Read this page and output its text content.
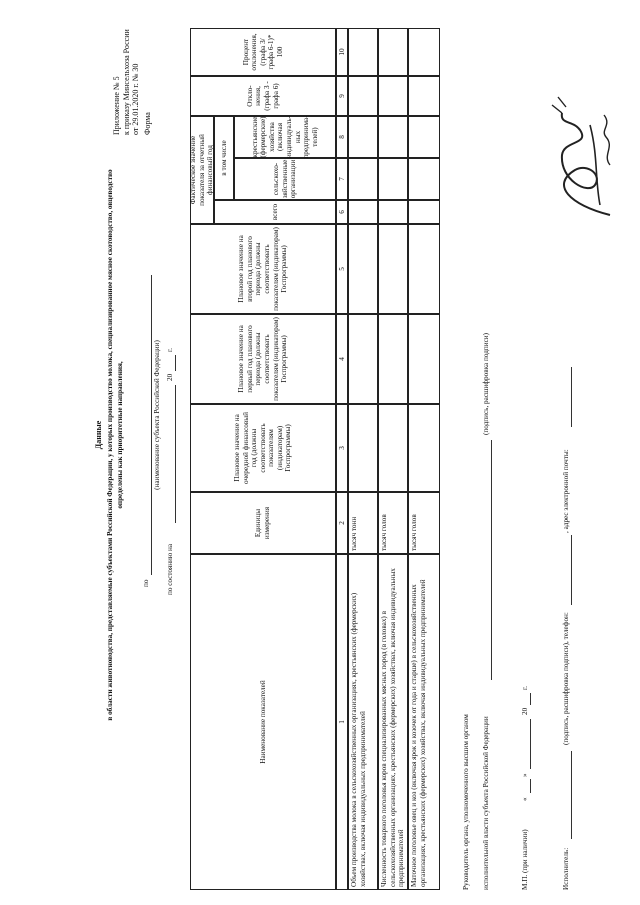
Приложение № 5 к приказу Минсельхоза России от 29.01.2020 г. № 30 Форма
Данные в области животноводства, представляемые субъектами Российской Федерации, у которых производство молока, специализированное мясное скотоводство, овцеводство определены как приоритетные направления,
по
(наименование субъекта Российской Федерации)
по состоянию на
20
г.
Наименование показателей
Единицы измерения
Плановое значение на очередной финансовый год (должны соответствовать показателям (индикаторам) Госпрограммы)
Плановое значение на первый год планового периода (должны соответствовать показателям (индикаторам) Госпрограммы)
Плановое значение на второй год планового периода (должны соответствовать показателям (индикаторам) Госпрограммы)
Фактическое значение показателя за отчетный финансовый год
всего
в том числе
сельскохо-зяйственные организации
крестьянские (фермерские) хозяйства (включая индивидуаль-ных предпринима-телей)
Откло-нения, (графа 3 - графа 6)
Процент отклонения, (графа 3/ графа 6-1)* 100
1
2
3
4
5
6
7
8
9
10
Объем производства молока в сельскохозяйственных организациях, крестьянских (фермерских) хозяйствах, включая индивидуальных предпринимателей
тысяч тонн
Численность товарного поголовья коров специализированных мясных пород (в головах) в сельскохозяйственных организациях, крестьянских (фермерских) хозяйствах, включая индивидуальных предпринимателей
тысяч голов
Маточное поголовье овец и коз (включая ярок и козочек от года и старше) в сельскохозяйственных организациях, крестьянских (фермерских) хозяйствах, включая индивидуальных предпринимателей
тысяч голов
Руководитель органа, уполномоченного высшим органом исполнительной власти субъекта Российской Федерации
(подпись, расшифровка подписи)
М.П. (при наличии)
«
»
20
г.
Исполнитель:
(подпись, расшифровка подписи), телефон:
, адрес электронной почты:
